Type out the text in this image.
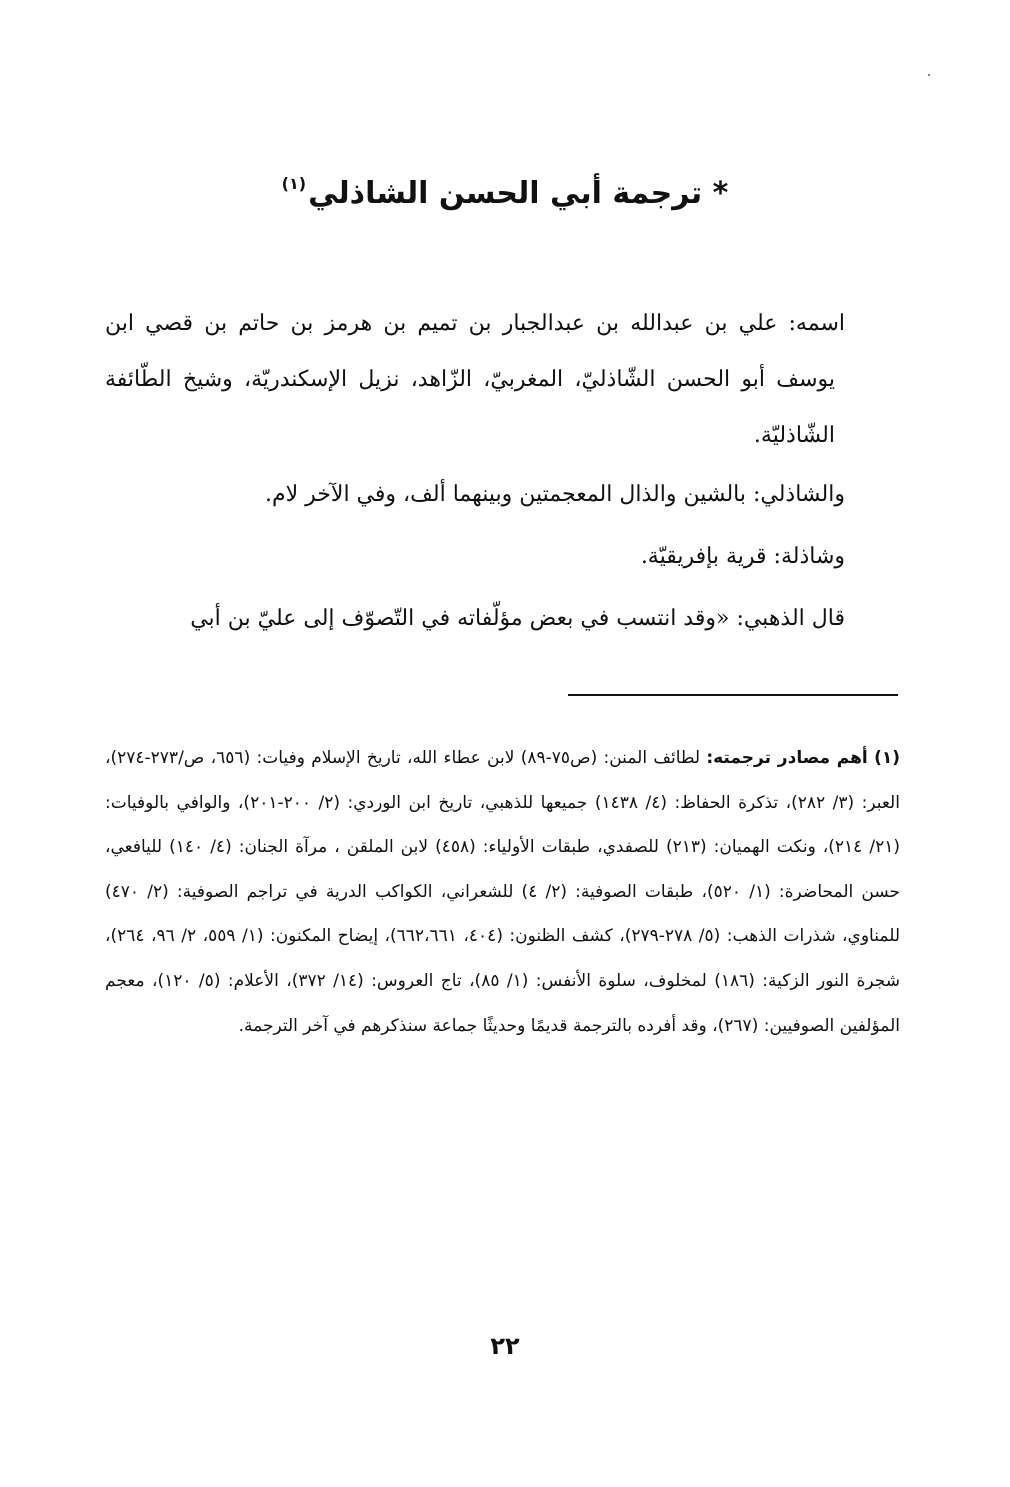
* ترجمة أبي الحسن الشاذلي$^{(١)}$

اسمه: علي بن عبدالله بن عبدالجبار بن تميم بن هرمز بن حاتم بن قصي ابن يوسف أبو الحسن الشّاذليّ، المغربيّ، الزّاهد، نزيل الإسكندريّة، وشيخ الطّائفة الشّاذليّة.

والشاذلي: بالشين والذال المعجمتين وبينهما ألف، وفي الآخر لام.

وشاذلة: قرية بإفريقيّة.

قال الذهبي: «وقد انتسب في بعض مؤلّفاته في التّصوّف إلى عليّ بن أبي

(١) أهم مصادر ترجمته: لطائف المنن: (ص٧٥-٨٩) لابن عطاء الله، تاريخ الإسلام وفيات: (٦٥٦، ص/٢٧٣-٢٧٤)، العبر: (٣/ ٢٨٢)، تذكرة الحفاظ: (٤/ ١٤٣٨) جميعها للذهبي، تاريخ ابن الوردي: (٢/ ٢٠٠-٢٠١)، والوافي بالوفيات: (٢١/ ٢١٤)، ونكت الهميان: (٢١٣) للصفدي، طبقات الأولياء: (٤٥٨) لابن الملقن ، مرآة الجنان: (٤/ ١٤٠) لليافعي، حسن المحاضرة: (١/ ٥٢٠)، طبقات الصوفية: (٢/ ٤) للشعراني، الكواكب الدرية في تراجم الصوفية: (٢/ ٤٧٠) للمناوي، شذرات الذهب: (٥/ ٢٧٨-٢٧٩)، كشف الظنون: (٤٠٤، ٦٦٢،٦٦١)، إيضاح المكنون: (١/ ٥٥٩، ٢/ ٩٦، ٢٦٤)، شجرة النور الزكية: (١٨٦) لمخلوف، سلوة الأنفس: (١/ ٨٥)، تاج العروس: (١٤/ ٣٧٢)، الأعلام: (٥/ ١٢٠)، معجم المؤلفين الصوفيين: (٢٦٧)، وقد أفرده بالترجمة قديمًا وحديثًا جماعة سنذكرهم في آخر الترجمة.

٢٢
